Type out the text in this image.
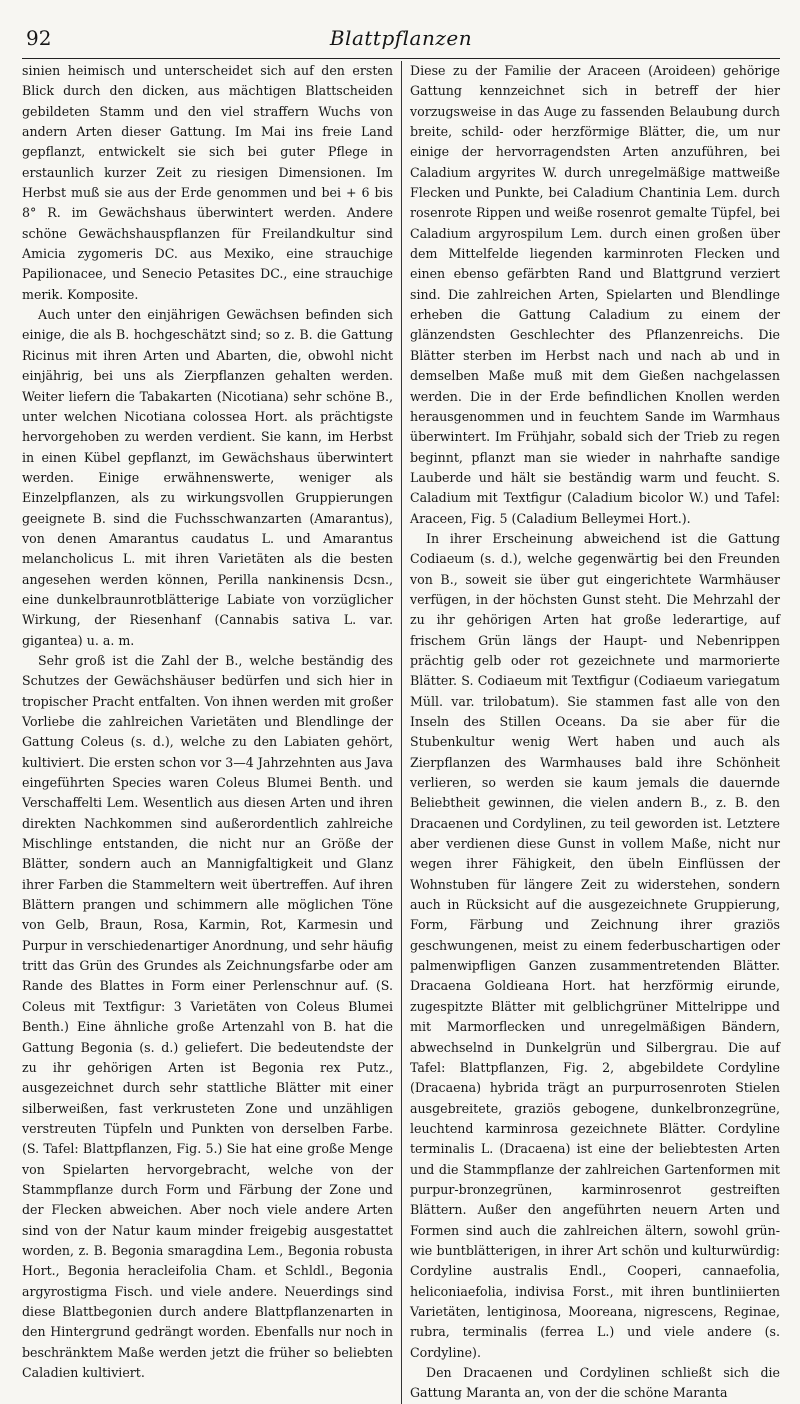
92	Blattpflanzen

sinien heimisch und unterscheidet sich auf den ersten Blick durch den dicken, aus mächtigen Blattscheiden gebildeten Stamm und den viel straffern Wuchs von andern Arten dieser Gattung. Im Mai ins freie Land gepflanzt, entwickelt sie sich bei guter Pflege in erstaunlich kurzer Zeit zu riesigen Dimensionen. Im Herbst muß sie aus der Erde genommen und bei + 6 bis 8° R. im Gewächshaus überwintert werden. Andere schöne Gewächshauspflanzen für Freilandkultur sind Amicia zygomeris DC. aus Mexiko, eine strauchige Papilionacee, und Senecio Petasites DC., eine strauchige merik. Komposite.

Auch unter den einjährigen Gewächsen befinden sich einige, die als B. hochgeschätzt sind; so z. B. die Gattung Ricinus mit ihren Arten und Abarten, die, obwohl nicht einjährig, bei uns als Zierpflanzen gehalten werden. Weiter liefern die Tabakarten (Nicotiana) sehr schöne B., unter welchen Nicotiana colossea Hort. als prächtigste hervorgehoben zu werden verdient. Sie kann, im Herbst in einen Kübel gepflanzt, im Gewächshaus überwintert werden. Einige erwähnenswerte, weniger als Einzelpflanzen, als zu wirkungsvollen Gruppierungen geeignete B. sind die Fuchsschwanzarten (Amarantus), von denen Amarantus caudatus L. und Amarantus melancholicus L. mit ihren Varietäten als die besten angesehen werden können, Perilla nankinensis Dcsn., eine dunkelbraunrotblätterige Labiate von vorzüglicher Wirkung, der Riesenhanf (Cannabis sativa L. var. gigantea) u. a. m.

Sehr groß ist die Zahl der B., welche beständig des Schutzes der Gewächshäuser bedürfen und sich hier in tropischer Pracht entfalten. Von ihnen werden mit großer Vorliebe die zahlreichen Varietäten und Blendlinge der Gattung Coleus (s. d.), welche zu den Labiaten gehört, kultiviert. Die ersten schon vor 3—4 Jahrzehnten aus Java eingeführten Species waren Coleus Blumei Benth. und Verschaffelti Lem. Wesentlich aus diesen Arten und ihren direkten Nachkommen sind außerordentlich zahlreiche Mischlinge entstanden, die nicht nur an Größe der Blätter, sondern auch an Mannigfaltigkeit und Glanz ihrer Farben die Stammeltern weit übertreffen. Auf ihren Blättern prangen und schimmern alle möglichen Töne von Gelb, Braun, Rosa, Karmin, Rot, Karmesin und Purpur in verschiedenartiger Anordnung, und sehr häufig tritt das Grün des Grundes als Zeichnungsfarbe oder am Rande des Blattes in Form einer Perlenschnur auf. (S. Coleus mit Textfigur: 3 Varietäten von Coleus Blumei Benth.) Eine ähnliche große Artenzahl von B. hat die Gattung Begonia (s. d.) geliefert. Die bedeutendste der zu ihr gehörigen Arten ist Begonia rex Putz., ausgezeichnet durch sehr stattliche Blätter mit einer silberweißen, fast verkrusteten Zone und unzähligen verstreuten Tüpfeln und Punkten von derselben Farbe. (S. Tafel: Blattpflanzen, Fig. 5.) Sie hat eine große Menge von Spielarten hervorgebracht, welche von der Stammpflanze durch Form und Färbung der Zone und der Flecken abweichen. Aber noch viele andere Arten sind von der Natur kaum minder freigebig ausgestattet worden, z. B. Begonia smaragdina Lem., Begonia robusta Hort., Begonia heracleifolia Cham. et Schldl., Begonia argyrostigma Fisch. und viele andere. Neuerdings sind diese Blattbegonien durch andere Blattpflanzenarten in den Hintergrund gedrängt worden. Ebenfalls nur noch in beschränktem Maße werden jetzt die früher so beliebten Caladien kultiviert.

Diese zu der Familie der Araceen (Aroideen) gehörige Gattung kennzeichnet sich in betreff der hier vorzugsweise in das Auge zu fassenden Belaubung durch breite, schild- oder herzförmige Blätter, die, um nur einige der hervorragendsten Arten anzuführen, bei Caladium argyrites W. durch unregelmäßige mattweiße Flecken und Punkte, bei Caladium Chantinia Lem. durch rosenrote Rippen und weiße rosenrot gemalte Tüpfel, bei Caladium argyrospilum Lem. durch einen großen über dem Mittelfelde liegenden karminroten Flecken und einen ebenso gefärbten Rand und Blattgrund verziert sind. Die zahlreichen Arten, Spielarten und Blendlinge erheben die Gattung Caladium zu einem der glänzendsten Geschlechter des Pflanzenreichs. Die Blätter sterben im Herbst nach und nach ab und in demselben Maße muß mit dem Gießen nachgelassen werden. Die in der Erde befindlichen Knollen werden herausgenommen und in feuchtem Sande im Warmhaus überwintert. Im Frühjahr, sobald sich der Trieb zu regen beginnt, pflanzt man sie wieder in nahrhafte sandige Lauberde und hält sie beständig warm und feucht. S. Caladium mit Textfigur (Caladium bicolor W.) und Tafel: Araceen, Fig. 5 (Caladium Belleymei Hort.).

In ihrer Erscheinung abweichend ist die Gattung Codiaeum (s. d.), welche gegenwärtig bei den Freunden von B., soweit sie über gut eingerichtete Warmhäuser verfügen, in der höchsten Gunst steht. Die Mehrzahl der zu ihr gehörigen Arten hat große lederartige, auf frischem Grün längs der Haupt- und Nebenrippen prächtig gelb oder rot gezeichnete und marmorierte Blätter. S. Codiaeum mit Textfigur (Codiaeum variegatum Müll. var. trilobatum). Sie stammen fast alle von den Inseln des Stillen Oceans. Da sie aber für die Stubenkultur wenig Wert haben und auch als Zierpflanzen des Warmhauses bald ihre Schönheit verlieren, so werden sie kaum jemals die dauernde Beliebtheit gewinnen, die vielen andern B., z. B. den Dracaenen und Cordylinen, zu teil geworden ist. Letztere aber verdienen diese Gunst in vollem Maße, nicht nur wegen ihrer Fähigkeit, den übeln Einflüssen der Wohnstuben für längere Zeit zu widerstehen, sondern auch in Rücksicht auf die ausgezeichnete Gruppierung, Form, Färbung und Zeichnung ihrer graziös geschwungenen, meist zu einem federbuschartigen oder palmenwipfligen Ganzen zusammentretenden Blätter. Dracaena Goldieana Hort. hat herzförmig eirunde, zugespitzte Blätter mit gelblichgrüner Mittelrippe und mit Marmorflecken und unregelmäßigen Bändern, abwechselnd in Dunkelgrün und Silbergrau. Die auf Tafel: Blattpflanzen, Fig. 2, abgebildete Cordyline (Dracaena) hybrida trägt an purpurrosenroten Stielen ausgebreitete, graziös gebogene, dunkelbronzegrüne, leuchtend karminrosa gezeichnete Blätter. Cordyline terminalis L. (Dracaena) ist eine der beliebtesten Arten und die Stammpflanze der zahlreichen Gartenformen mit purpur-bronzegrünen, karminrosenrot gestreiften Blättern. Außer den angeführten neuern Arten und Formen sind auch die zahlreichen ältern, sowohl grün- wie buntblätterigen, in ihrer Art schön und kulturwürdig: Cordyline australis Endl., Cooperi, cannaefolia, heliconiaefolia, indivisa Forst., mit ihren buntliniierten Varietäten, lentiginosa, Mooreana, nigrescens, Reginae, rubra, terminalis (ferrea L.) und viele andere (s. Cordyline).

Den Dracaenen und Cordylinen schließt sich die Gattung Maranta an, von der die schöne Maranta
